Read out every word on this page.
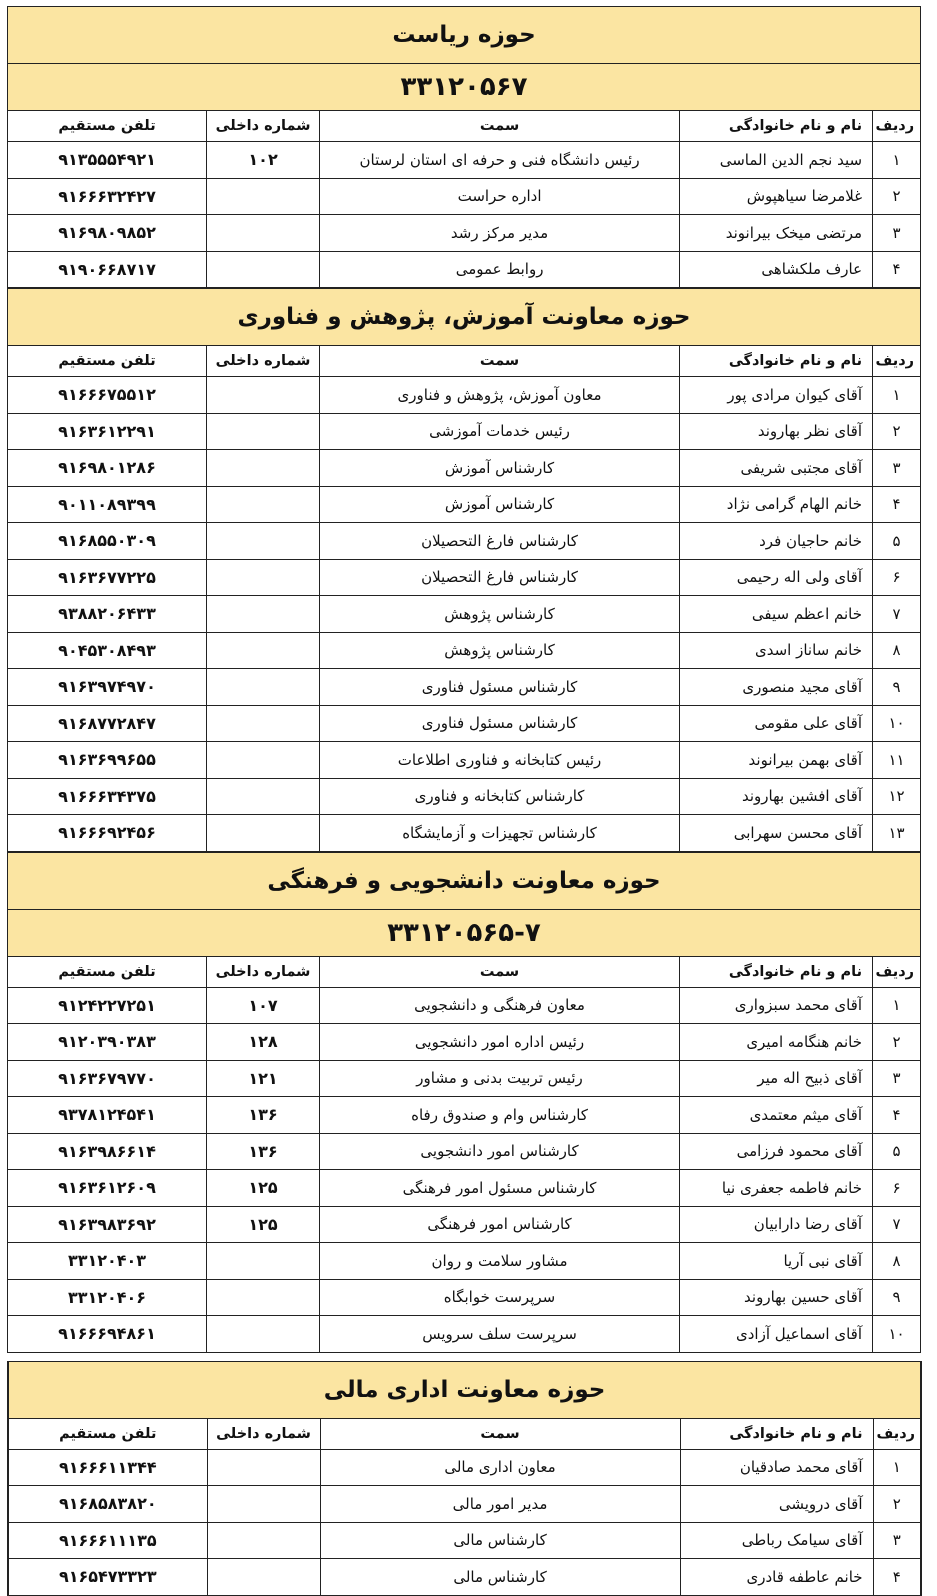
حوزه ریاست				
۳۳۱۲۰۵۶۷				
ردیف	نام و نام خانوادگی	سمت	شماره داخلی	تلفن مستقیم
۱	سید نجم الدین الماسی	رئیس دانشگاه فنی و حرفه ای استان لرستان	۱۰۲	۹۱۳۵۵۵۴۹۲۱
۲	غلامرضا سیاهپوش	اداره حراست		۹۱۶۶۶۳۲۴۲۷
۳	مرتضی میخک بیرانوند	مدیر مرکز رشد		۹۱۶۹۸۰۹۸۵۲
۴	عارف ملکشاهی	روابط عمومی		۹۱۹۰۶۶۸۷۱۷
حوزه معاونت آموزش، پژوهش و فناوری				
ردیف	نام و نام خانوادگی	سمت	شماره داخلی	تلفن مستقیم
۱	آقای کیوان مرادی پور	معاون آموزش، پژوهش و فناوری		۹۱۶۶۶۷۵۵۱۲
۲	آقای نظر بهاروند	رئیس خدمات آموزشی		۹۱۶۳۶۱۲۲۹۱
۳	آقای مجتبی شریفی	کارشناس آموزش		۹۱۶۹۸۰۱۲۸۶
۴	خانم الهام گرامی نژاد	کارشناس آموزش		۹۰۱۱۰۸۹۳۹۹
۵	خانم حاجیان فرد	کارشناس فارغ التحصیلان		۹۱۶۸۵۵۰۳۰۹
۶	آقای ولی اله رحیمی	کارشناس فارغ التحصیلان		۹۱۶۳۶۷۷۲۲۵
۷	خانم اعظم سیفی	کارشناس پژوهش		۹۳۸۸۲۰۶۴۳۳
۸	خانم ساناز اسدی	کارشناس پژوهش		۹۰۴۵۳۰۸۴۹۳
۹	آقای مجید منصوری	کارشناس مسئول فناوری		۹۱۶۳۹۷۴۹۷۰
۱۰	آقای علی مقومی	کارشناس مسئول فناوری		۹۱۶۸۷۷۲۸۴۷
۱۱	آقای بهمن بیرانوند	رئیس کتابخانه و فناوری اطلاعات		۹۱۶۳۶۹۹۶۵۵
۱۲	آقای افشین بهاروند	کارشناس کتابخانه و فناوری		۹۱۶۶۶۳۴۳۷۵
۱۳	آقای محسن سهرابی	کارشناس تجهیزات و آزمایشگاه		۹۱۶۶۶۹۲۴۵۶
حوزه معاونت دانشجویی و فرهنگی				
۳۳۱۲۰۵۶۵-۷				
ردیف	نام و نام خانوادگی	سمت	شماره داخلی	تلفن مستقیم
۱	آقای محمد سبزواری	معاون فرهنگی و دانشجویی	۱۰۷	۹۱۲۴۲۲۷۲۵۱
۲	خانم هنگامه امیری	رئیس اداره امور دانشجویی	۱۲۸	۹۱۲۰۳۹۰۳۸۳
۳	آقای ذبیح اله میر	رئیس تربیت بدنی و مشاور	۱۲۱	۹۱۶۳۶۷۹۷۷۰
۴	آقای میثم معتمدی	کارشناس وام و صندوق رفاه	۱۳۶	۹۳۷۸۱۲۴۵۴۱
۵	آقای محمود فرزامی	کارشناس امور دانشجویی	۱۳۶	۹۱۶۳۹۸۶۶۱۴
۶	خانم فاطمه جعفری نیا	کارشناس مسئول امور فرهنگی	۱۲۵	۹۱۶۳۶۱۲۶۰۹
۷	آقای رضا دارابیان	کارشناس امور فرهنگی	۱۲۵	۹۱۶۳۹۸۳۶۹۲
۸	آقای نبی آریا	مشاور سلامت و روان		۳۳۱۲۰۴۰۳
۹	آقای حسین بهاروند	سرپرست خوابگاه		۳۳۱۲۰۴۰۶
۱۰	آقای اسماعیل آزادی	سرپرست سلف سرویس		۹۱۶۶۶۹۴۸۶۱
حوزه معاونت اداری مالی				
ردیف	نام و نام خانوادگی	سمت	شماره داخلی	تلفن مستقیم
۱	آقای محمد صادقیان	معاون اداری مالی		۹۱۶۶۶۱۱۳۴۴
۲	آقای درویشی	مدیر امور مالی		۹۱۶۸۵۸۳۸۲۰
۳	آقای سیامک رباطی	کارشناس مالی		۹۱۶۶۶۱۱۱۳۵
۴	خانم عاطفه قادری	کارشناس مالی		۹۱۶۵۴۷۳۳۲۳
